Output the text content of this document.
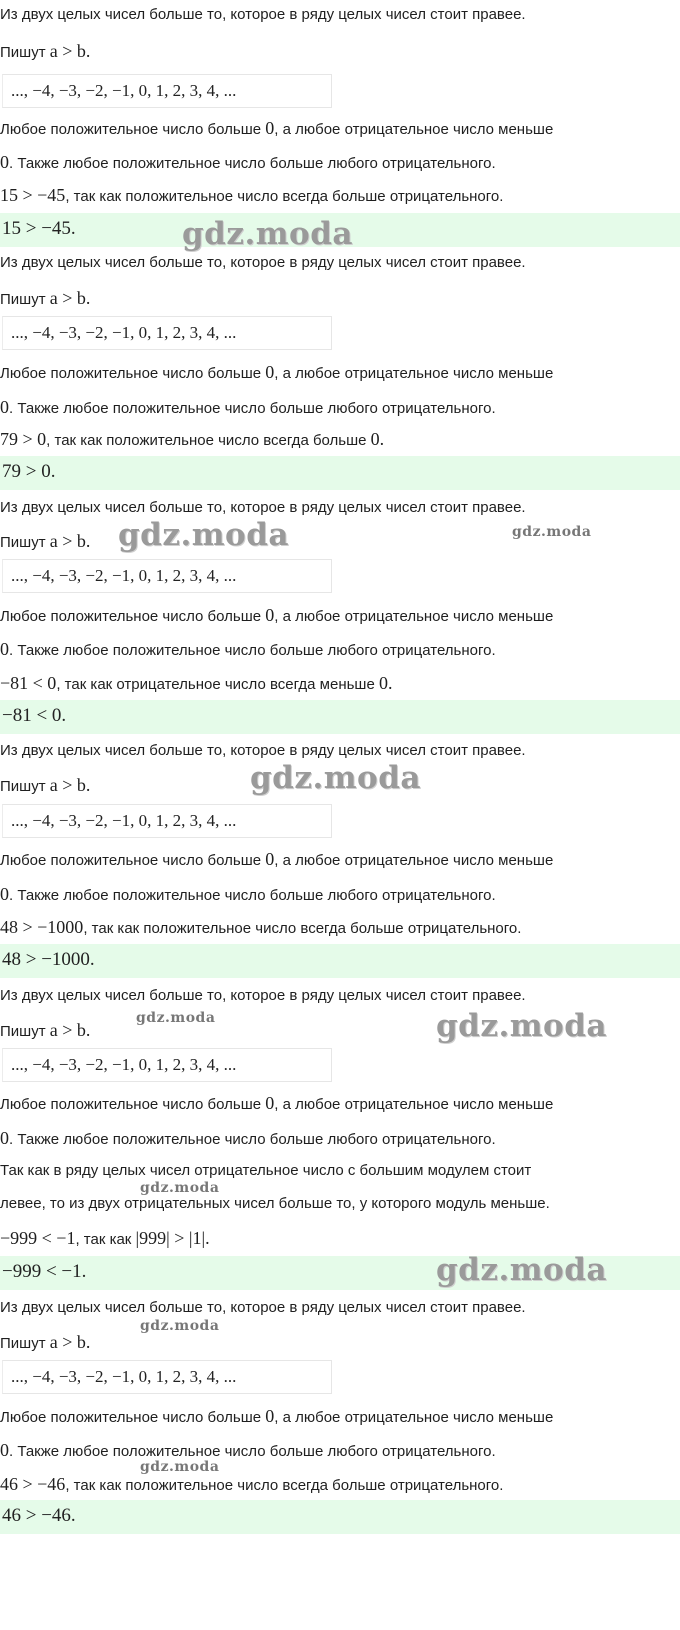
Из двух целых чисел больше то, которое в ряду целых чисел стоит правее.
Пишут a > b.
..., −4, −3, −2, −1, 0, 1, 2, 3, 4, ...
Любое положительное число больше 0, а любое отрицательное число меньше
0. Также любое положительное число больше любого отрицательного.
15 > −45, так как положительное число всегда больше отрицательного.
15 > −45.
Из двух целых чисел больше то, которое в ряду целых чисел стоит правее.
Пишут a > b.
..., −4, −3, −2, −1, 0, 1, 2, 3, 4, ...
Любое положительное число больше 0, а любое отрицательное число меньше
0. Также любое положительное число больше любого отрицательного.
79 > 0, так как положительное число всегда больше 0.
79 > 0.
Из двух целых чисел больше то, которое в ряду целых чисел стоит правее.
Пишут a > b.
..., −4, −3, −2, −1, 0, 1, 2, 3, 4, ...
Любое положительное число больше 0, а любое отрицательное число меньше
0. Также любое положительное число больше любого отрицательного.
−81 < 0, так как отрицательное число всегда меньше 0.
−81 < 0.
Из двух целых чисел больше то, которое в ряду целых чисел стоит правее.
Пишут a > b.
..., −4, −3, −2, −1, 0, 1, 2, 3, 4, ...
Любое положительное число больше 0, а любое отрицательное число меньше
0. Также любое положительное число больше любого отрицательного.
48 > −1000, так как положительное число всегда больше отрицательного.
48 > −1000.
Из двух целых чисел больше то, которое в ряду целых чисел стоит правее.
Пишут a > b.
..., −4, −3, −2, −1, 0, 1, 2, 3, 4, ...
Любое положительное число больше 0, а любое отрицательное число меньше
0. Также любое положительное число больше любого отрицательного.
Так как в ряду целых чисел отрицательное число с большим модулем стоит
левее, то из двух отрицательных чисел больше то, у которого модуль меньше.
−999 < −1, так как |999| > |1|.
−999 < −1.
Из двух целых чисел больше то, которое в ряду целых чисел стоит правее.
Пишут a > b.
..., −4, −3, −2, −1, 0, 1, 2, 3, 4, ...
Любое положительное число больше 0, а любое отрицательное число меньше
0. Также любое положительное число больше любого отрицательного.
46 > −46, так как положительное число всегда больше отрицательного.
46 > −46.
gdz.moda
gdz.moda	gdz.moda
gdz.moda
gdz.moda	gdz.moda
gdz.moda
gdz.moda
gdz.moda
gdz.moda
